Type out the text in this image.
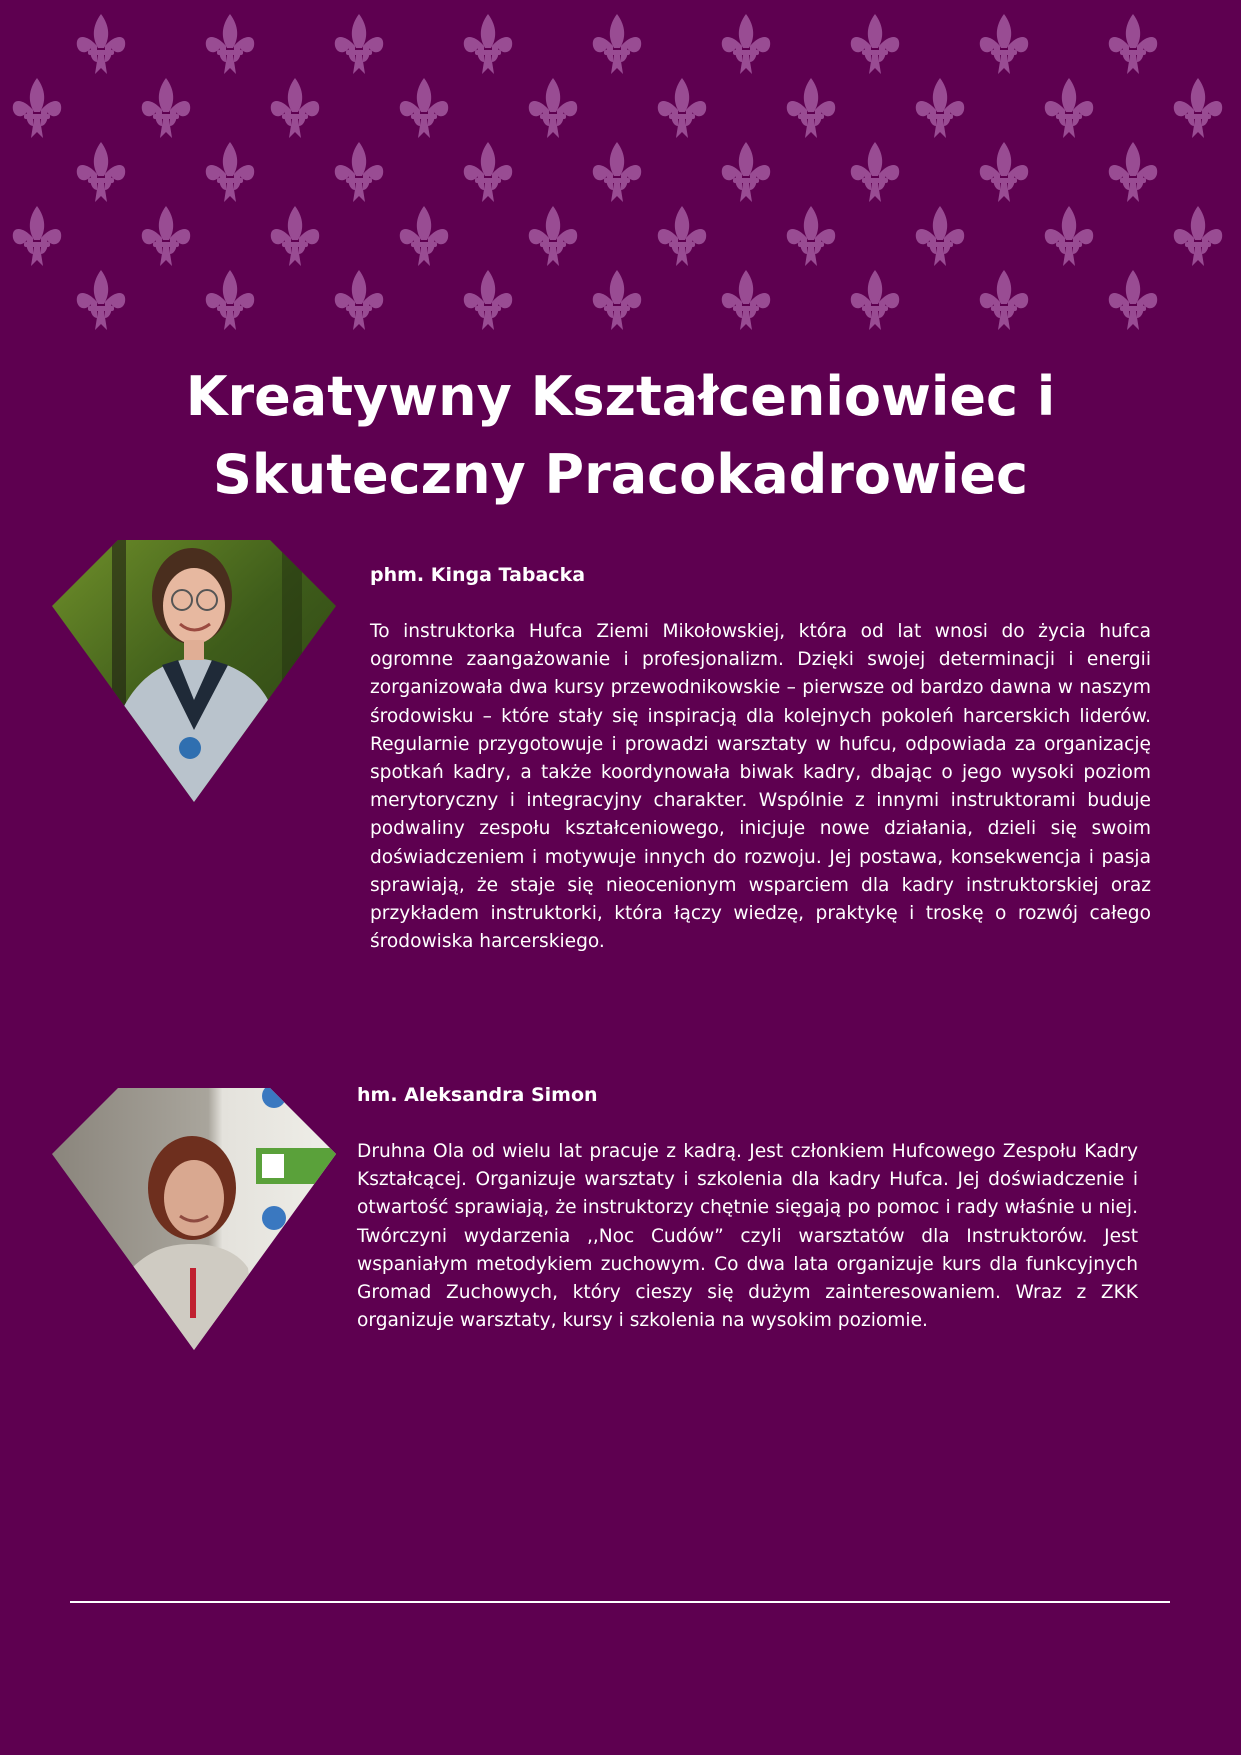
Kreatywny Kształceniowiec i Skuteczny Pracokadrowiec

phm. Kinga Tabacka

To instruktorka Hufca Ziemi Mikołowskiej, która od lat wnosi do życia hufca ogromne zaangażowanie i profesjonalizm. Dzięki swojej determinacji i energii zorganizowała dwa kursy przewodnikowskie – pierwsze od bardzo dawna w naszym środowisku – które stały się inspiracją dla kolejnych pokoleń harcerskich liderów. Regularnie przygotowuje i prowadzi warsztaty w hufcu, odpowiada za organizację spotkań kadry, a także koordynowała biwak kadry, dbając o jego wysoki poziom merytoryczny i integracyjny charakter. Wspólnie z innymi instruktorami buduje podwaliny zespołu kształceniowego, inicjuje nowe działania, dzieli się swoim doświadczeniem i motywuje innych do rozwoju. Jej postawa, konsekwencja i pasja sprawiają, że staje się nieocenionym wsparciem dla kadry instruktorskiej oraz przykładem instruktorki, która łączy wiedzę, praktykę i troskę o rozwój całego środowiska harcerskiego.

hm. Aleksandra Simon

Druhna Ola od wielu lat pracuje z kadrą. Jest członkiem Hufcowego Zespołu Kadry Kształcącej. Organizuje warsztaty i szkolenia dla kadry Hufca. Jej doświadczenie i otwartość sprawiają, że instruktorzy chętnie sięgają po pomoc i rady właśnie u niej. Twórczyni wydarzenia ,,Noc Cudów” czyli warsztatów dla Instruktorów. Jest wspaniałym metodykiem zuchowym. Co dwa lata organizuje kurs dla funkcyjnych Gromad Zuchowych, który cieszy się dużym zainteresowaniem. Wraz z ZKK organizuje warsztaty, kursy i szkolenia na wysokim poziomie.
